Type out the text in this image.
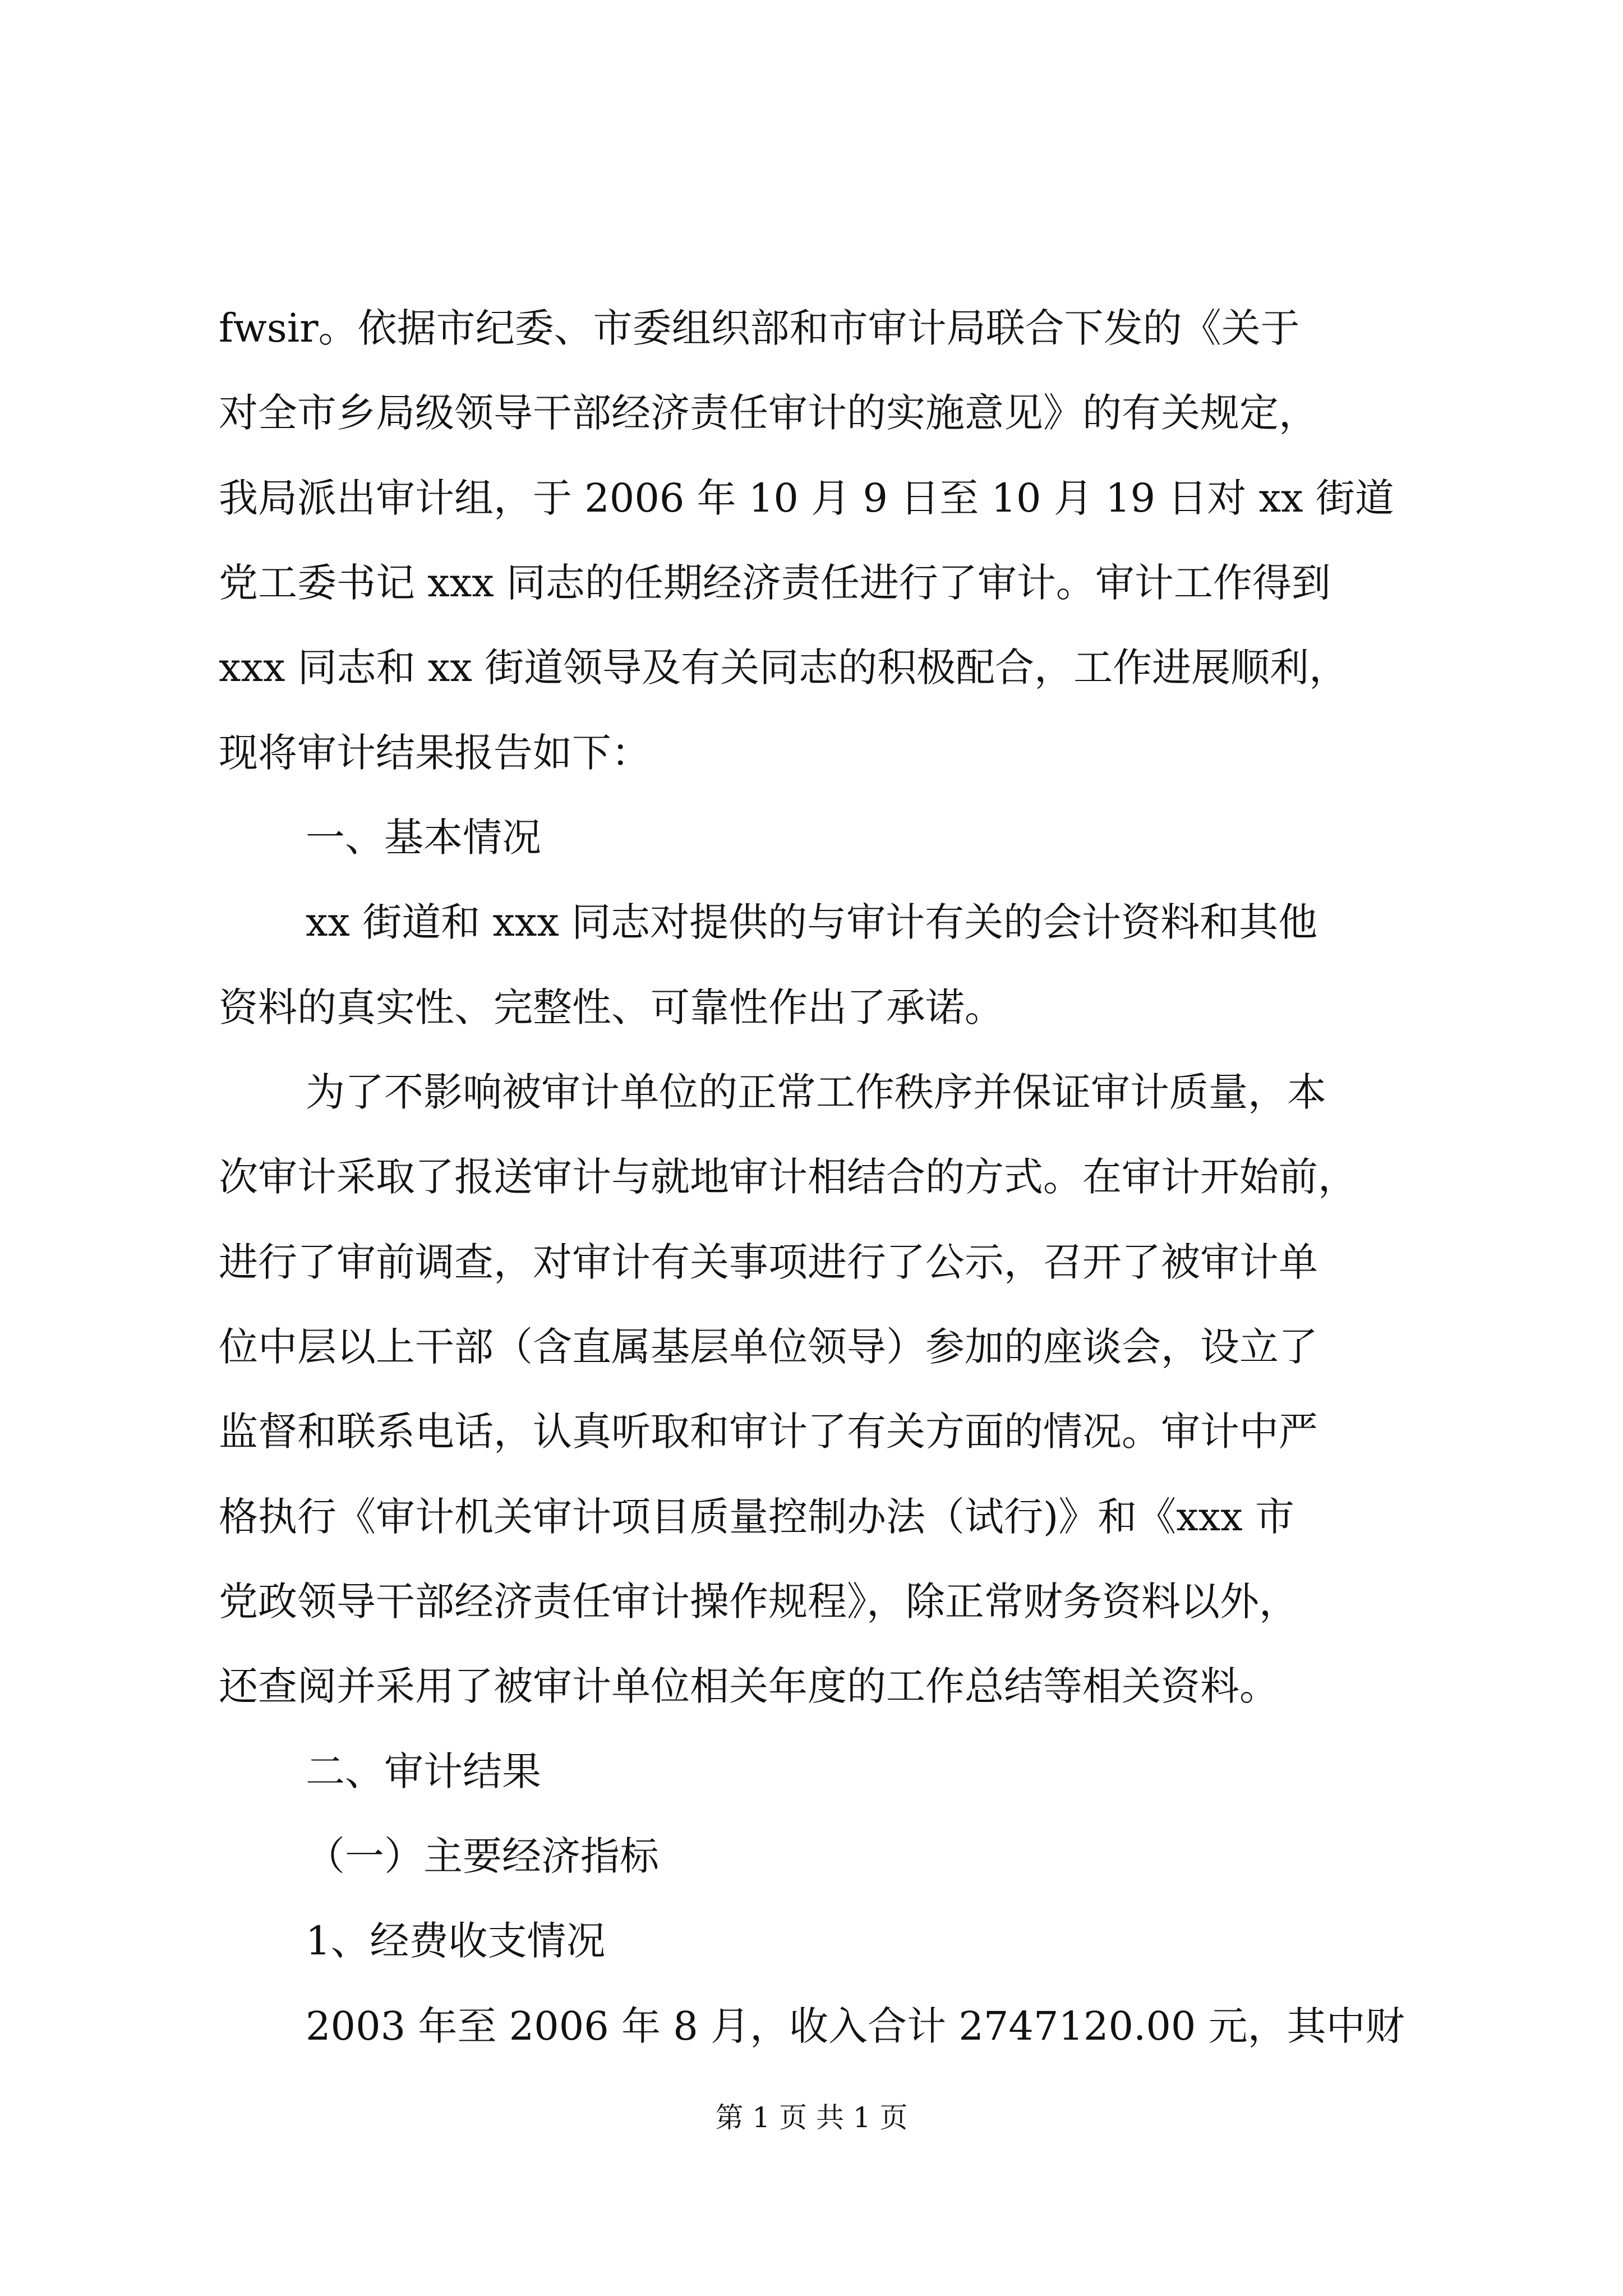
fwsir。依据市纪委、市委组织部和市审计局联合下发的《关于
对全市乡局级领导干部经济责任审计的实施意见》的有关规定，
我局派出审计组，于 2006 年 10 月 9 日至 10 月 19 日对 xx 街道
党工委书记 xxx 同志的任期经济责任进行了审计。审计工作得到
xxx 同志和 xx 街道领导及有关同志的积极配合，工作进展顺利，
现将审计结果报告如下：
一、基本情况
xx 街道和 xxx 同志对提供的与审计有关的会计资料和其他
资料的真实性、完整性、可靠性作出了承诺。
为了不影响被审计单位的正常工作秩序并保证审计质量，本
次审计采取了报送审计与就地审计相结合的方式。在审计开始前，
进行了审前调查，对审计有关事项进行了公示，召开了被审计单
位中层以上干部（含直属基层单位领导）参加的座谈会，设立了
监督和联系电话，认真听取和审计了有关方面的情况。审计中严
格执行《审计机关审计项目质量控制办法（试行)》和《xxx 市
党政领导干部经济责任审计操作规程》，除正常财务资料以外，
还查阅并采用了被审计单位相关年度的工作总结等相关资料。
二、审计结果
（一）主要经济指标
1、经费收支情况
2003 年至 2006 年 8 月，收入合计 2747120.00 元，其中财
第 1 页 共 1 页
